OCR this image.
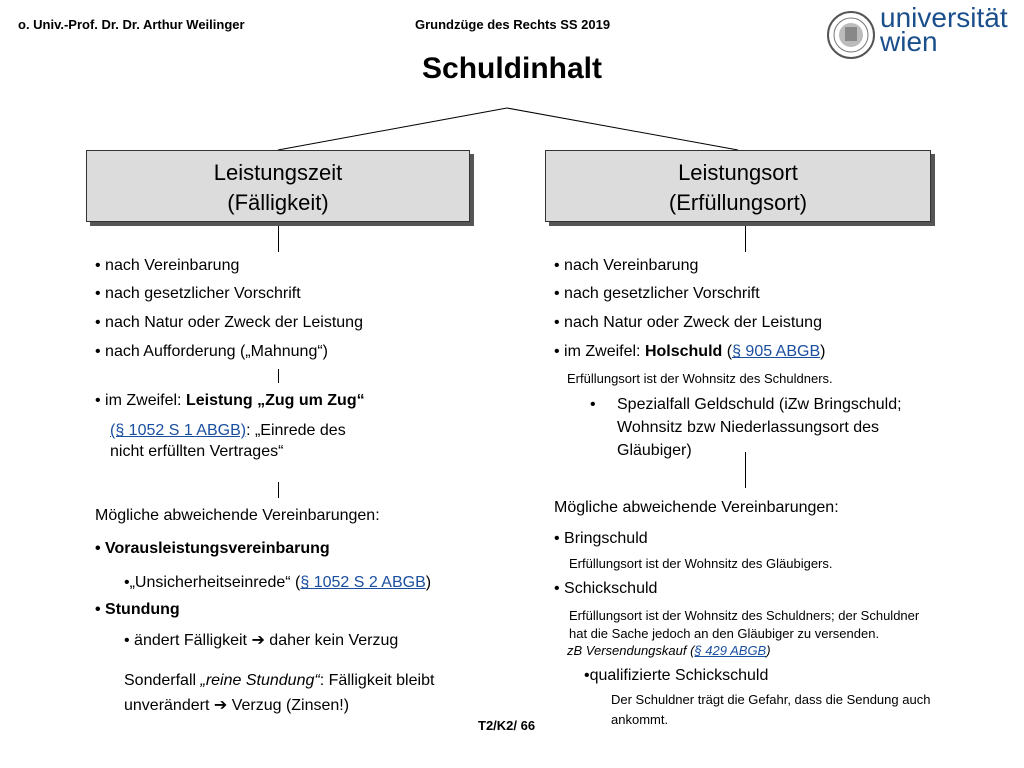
o. Univ.-Prof. Dr. Dr. Arthur Weilinger	Grundzüge des Rechts SS 2019	universität
wien
Schuldinhalt
Leistungszeit
(Fälligkeit)
Leistungsort
(Erfüllungsort)
• nach Vereinbarung
• nach gesetzlicher Vorschrift
• nach Natur oder Zweck der Leistung
• nach Aufforderung („Mahnung“)
• im Zweifel: Leistung „Zug um Zug“
(§ 1052 S 1 ABGB): „Einrede des
nicht erfüllten Vertrages“
Mögliche abweichende Vereinbarungen:
• Vorausleistungsvereinbarung
•„Unsicherheitseinrede“ (§ 1052 S 2 ABGB)
• Stundung
• ändert Fälligkeit ➔ daher kein Verzug
Sonderfall „reine Stundung“: Fälligkeit bleibt
unverändert ➔ Verzug (Zinsen!)
• nach Vereinbarung
• nach gesetzlicher Vorschrift
• nach Natur oder Zweck der Leistung
• im Zweifel: Holschuld (§ 905 ABGB)
Erfüllungsort ist der Wohnsitz des Schuldners.
• Spezialfall Geldschuld (iZw Bringschuld;
Wohnsitz bzw Niederlassungsort des
Gläubiger)
Mögliche abweichende Vereinbarungen:
• Bringschuld
Erfüllungsort ist der Wohnsitz des Gläubigers.
• Schickschuld
Erfüllungsort ist der Wohnsitz des Schuldners; der Schuldner
hat die Sache jedoch an den Gläubiger zu versenden.
zB Versendungskauf (§ 429 ABGB)
•qualifizierte Schickschuld
Der Schuldner trägt die Gefahr, dass die Sendung auch
ankommt.
T2/K2/ 66
